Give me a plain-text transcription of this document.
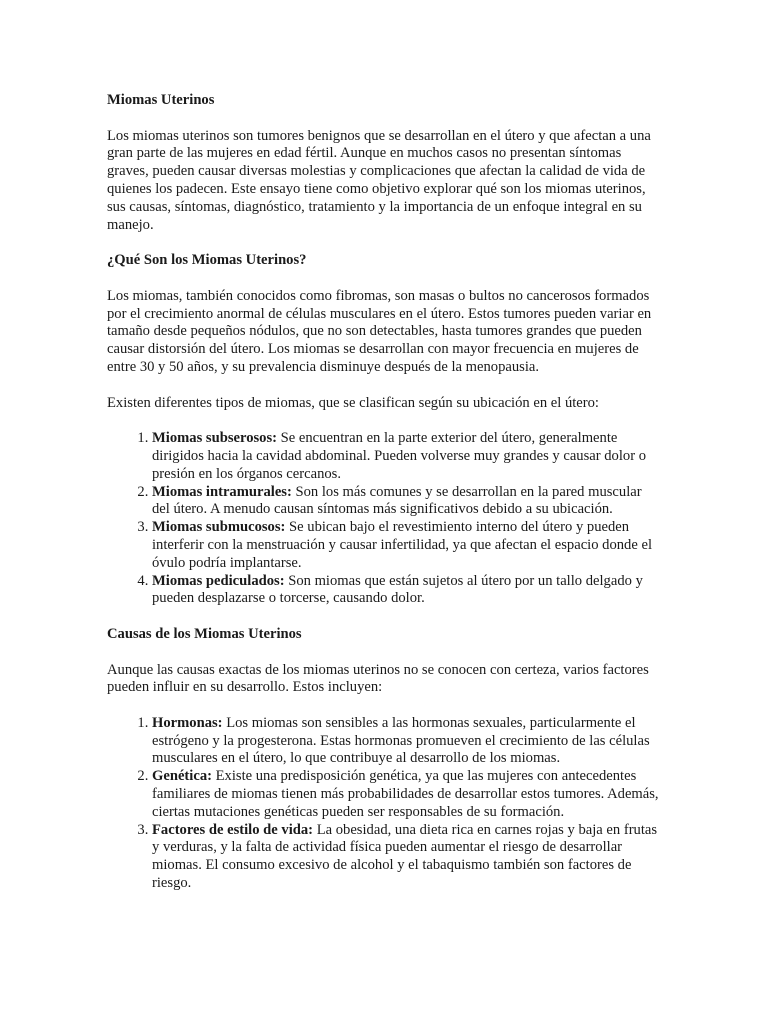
Miomas Uterinos

Los miomas uterinos son tumores benignos que se desarrollan en el útero y que afectan a una gran parte de las mujeres en edad fértil. Aunque en muchos casos no presentan síntomas graves, pueden causar diversas molestias y complicaciones que afectan la calidad de vida de quienes los padecen. Este ensayo tiene como objetivo explorar qué son los miomas uterinos, sus causas, síntomas, diagnóstico, tratamiento y la importancia de un enfoque integral en su manejo.

¿Qué Son los Miomas Uterinos?

Los miomas, también conocidos como fibromas, son masas o bultos no cancerosos formados por el crecimiento anormal de células musculares en el útero. Estos tumores pueden variar en tamaño desde pequeños nódulos, que no son detectables, hasta tumores grandes que pueden causar distorsión del útero. Los miomas se desarrollan con mayor frecuencia en mujeres de entre 30 y 50 años, y su prevalencia disminuye después de la menopausia.

Existen diferentes tipos de miomas, que se clasifican según su ubicación en el útero:

1. Miomas subserosos: Se encuentran en la parte exterior del útero, generalmente dirigidos hacia la cavidad abdominal. Pueden volverse muy grandes y causar dolor o presión en los órganos cercanos.
2. Miomas intramurales: Son los más comunes y se desarrollan en la pared muscular del útero. A menudo causan síntomas más significativos debido a su ubicación.
3. Miomas submucosos: Se ubican bajo el revestimiento interno del útero y pueden interferir con la menstruación y causar infertilidad, ya que afectan el espacio donde el óvulo podría implantarse.
4. Miomas pediculados: Son miomas que están sujetos al útero por un tallo delgado y pueden desplazarse o torcerse, causando dolor.

Causas de los Miomas Uterinos

Aunque las causas exactas de los miomas uterinos no se conocen con certeza, varios factores pueden influir en su desarrollo. Estos incluyen:

1. Hormonas: Los miomas son sensibles a las hormonas sexuales, particularmente el estrógeno y la progesterona. Estas hormonas promueven el crecimiento de las células musculares en el útero, lo que contribuye al desarrollo de los miomas.
2. Genética: Existe una predisposición genética, ya que las mujeres con antecedentes familiares de miomas tienen más probabilidades de desarrollar estos tumores. Además, ciertas mutaciones genéticas pueden ser responsables de su formación.
3. Factores de estilo de vida: La obesidad, una dieta rica en carnes rojas y baja en frutas y verduras, y la falta de actividad física pueden aumentar el riesgo de desarrollar miomas. El consumo excesivo de alcohol y el tabaquismo también son factores de riesgo.
